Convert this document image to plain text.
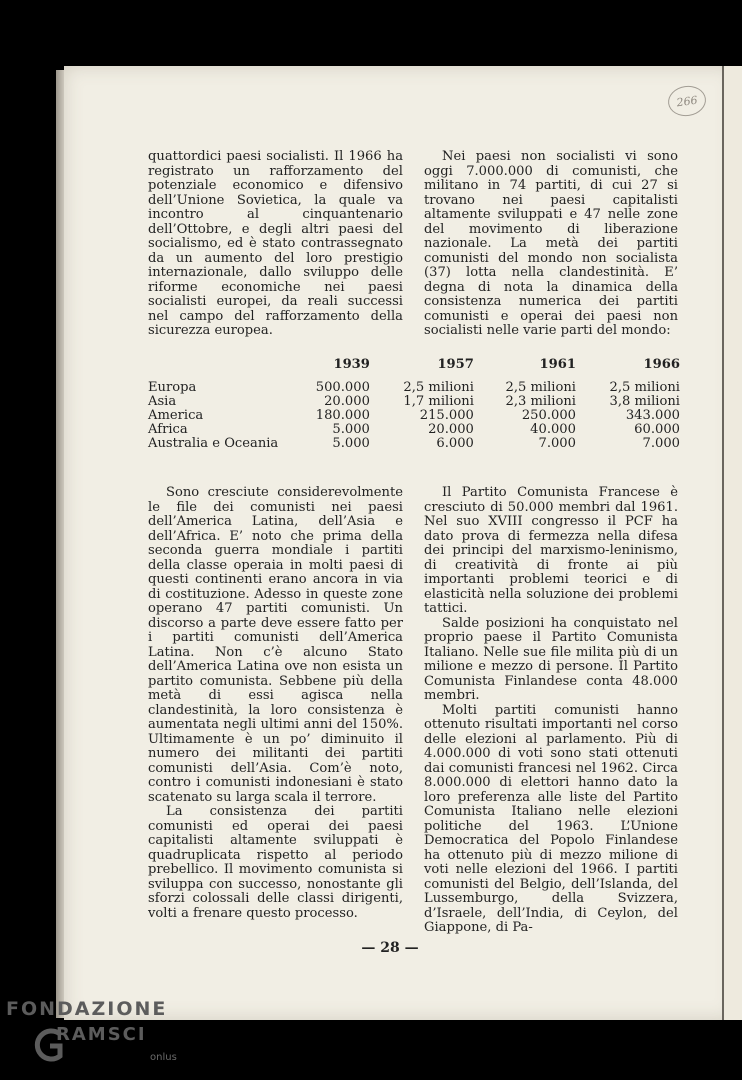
266

quattordici paesi socialisti. Il 1966 ha registrato un rafforzamento del potenziale economico e difensivo dell’Unione Sovietica, la quale va incontro al cinquantenario dell’Ottobre, e degli altri paesi del socialismo, ed è stato contrassegnato da un aumento del loro prestigio internazionale, dallo sviluppo delle riforme economiche nei paesi socialisti europei, da reali successi nel campo del rafforzamento della sicurezza europea.

Nei paesi non socialisti vi sono oggi 7.000.000 di comunisti, che militano in 74 partiti, di cui 27 si trovano nei paesi capitalisti altamente sviluppati e 47 nelle zone del movimento di liberazione nazionale. La metà dei partiti comunisti del mondo non socialista (37) lotta nella clandestinità. E’ degna di nota la dinamica della consistenza numerica dei partiti comunisti e operai dei paesi non socialisti nelle varie parti del mondo:

	1939	1957	1961	1966
Europa	500.000	2,5 milioni	2,5 milioni	2,5 milioni
Asia	20.000	1,7 milioni	2,3 milioni	3,8 milioni
America	180.000	215.000	250.000	343.000
Africa	5.000	20.000	40.000	60.000
Australia e Oceania	5.000	6.000	7.000	7.000

Sono cresciute considerevolmente le file dei comunisti nei paesi dell’America Latina, dell’Asia e dell’Africa. E’ noto che prima della seconda guerra mondiale i partiti della classe operaia in molti paesi di questi continenti erano ancora in via di costituzione. Adesso in queste zone operano 47 partiti comunisti. Un discorso a parte deve essere fatto per i partiti comunisti dell’America Latina. Non c’è alcuno Stato dell’America Latina ove non esista un partito comunista. Sebbene più della metà di essi agisca nella clandestinità, la loro consistenza è aumentata negli ultimi anni del 150%. Ultimamente è un po’ diminuito il numero dei militanti dei partiti comunisti dell’Asia. Com’è noto, contro i comunisti indonesiani è stato scatenato su larga scala il terrore.

La consistenza dei partiti comunisti ed operai dei paesi capitalisti altamente sviluppati è quadruplicata rispetto al periodo prebellico. Il movimento comunista si sviluppa con successo, nonostante gli sforzi colossali delle classi dirigenti, volti a frenare questo processo.

Il Partito Comunista Francese è cresciuto di 50.000 membri dal 1961. Nel suo XVIII congresso il PCF ha dato prova di fermezza nella difesa dei principi del marxismo-leninismo, di creatività di fronte ai più importanti problemi teorici e di elasticità nella soluzione dei problemi tattici.

Salde posizioni ha conquistato nel proprio paese il Partito Comunista Italiano. Nelle sue file milita più di un milione e mezzo di persone. Il Partito Comunista Finlandese conta 48.000 membri.

Molti partiti comunisti hanno ottenuto risultati importanti nel corso delle elezioni al parlamento. Più di 4.000.000 di voti sono stati ottenuti dai comunisti francesi nel 1962. Circa 8.000.000 di elettori hanno dato la loro preferenza alle liste del Partito Comunista Italiano nelle elezioni politiche del 1963. L’Unione Democratica del Popolo Finlandese ha ottenuto più di mezzo milione di voti nelle elezioni del 1966. I partiti comunisti del Belgio, dell’Islanda, del Lussemburgo, della Svizzera, d’Israele, dell’India, di Ceylon, del Giappone, di Pa-

— 28 —
FONDAZIONE
RAMSCI
onlus
